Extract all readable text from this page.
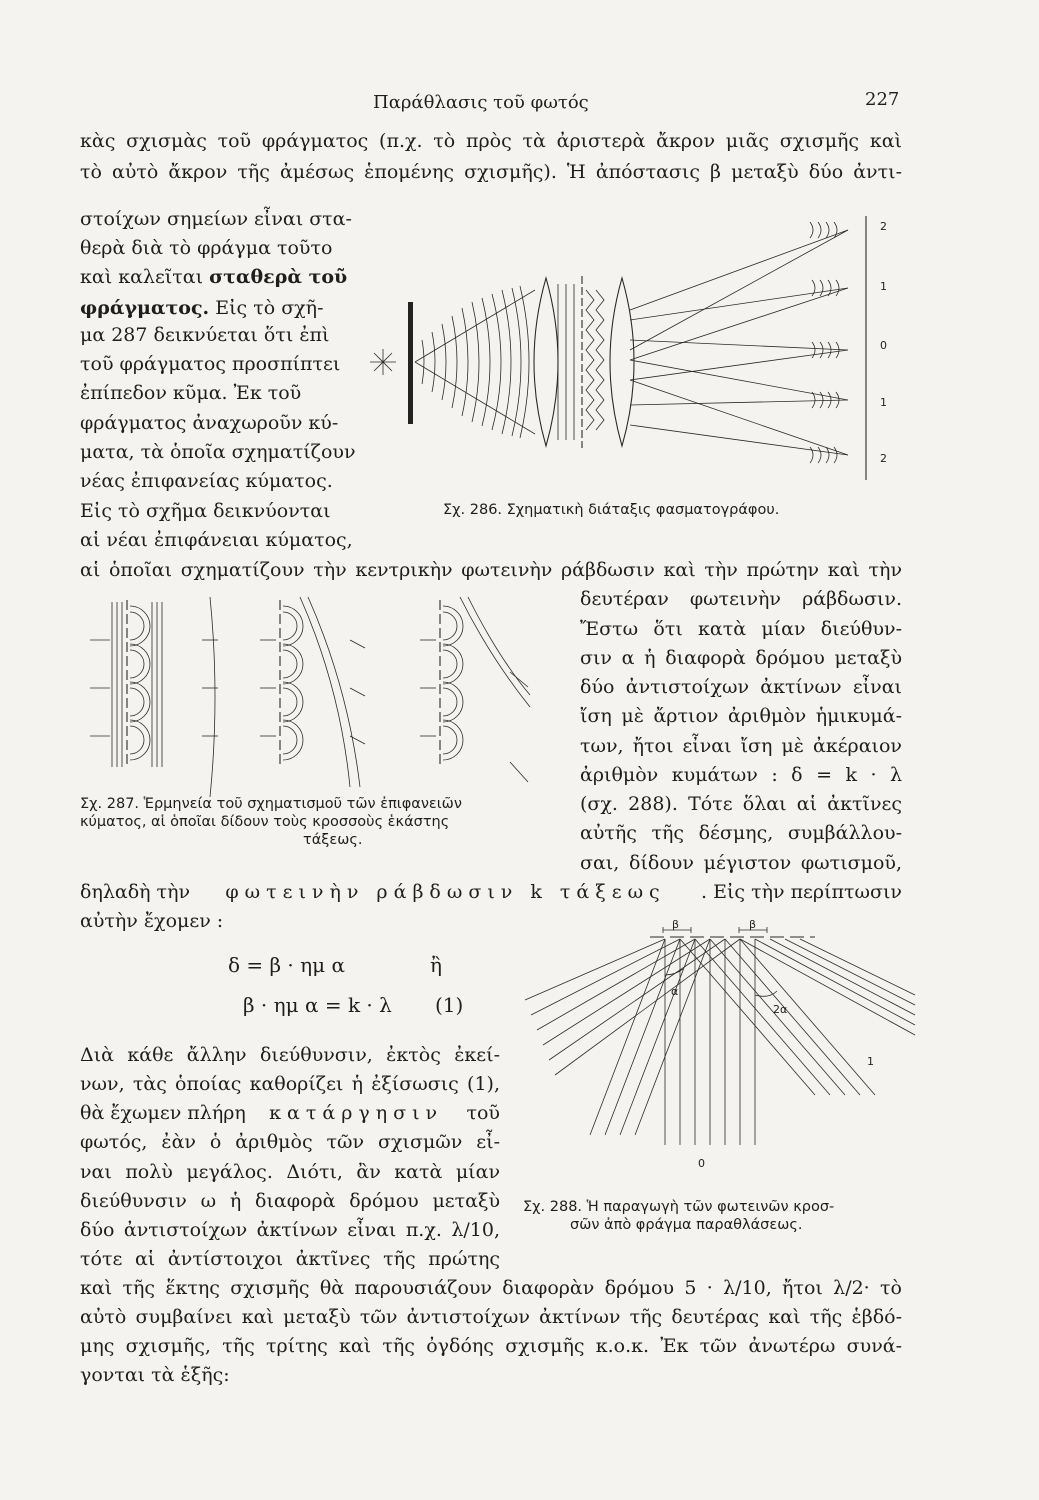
Παράθλασις τοῦ φωτός	227
κὰς σχισμὰς τοῦ φράγματος (π.χ. τὸ πρὸς τὰ ἀριστερὰ ἄκρον μιᾶς σχισμῆς καὶ
τὸ αὐτὸ ἄκρον τῆς ἀμέσως ἑπομένης σχισμῆς). Ἡ ἀπόστασις β μεταξὺ δύο ἀντι-
στοίχων σημείων εἶναι στα-
θερὰ διὰ τὸ φράγμα τοῦτο
καὶ καλεῖται σταθερὰ τοῦ
φράγματος. Εἰς τὸ σχῆ-
μα 287 δεικνύεται ὅτι ἐπὶ
τοῦ φράγματος προσπίπτει
ἐπίπεδον κῦμα. Ἐκ τοῦ
φράγματος ἀναχωροῦν κύ-
ματα, τὰ ὁποῖα σχηματίζουν
νέας ἐπιφανείας κύματος.
Εἰς τὸ σχῆμα δεικνύονται
αἱ νέαι ἐπιφάνειαι κύματος,
αἱ ὁποῖαι σχηματίζουν τὴν κεντρικὴν φωτεινὴν ράβδωσιν καὶ τὴν πρώτην καὶ τὴν
2
1
0
1
2
Σχ. 286. Σχηματικὴ διάταξις φασματογράφου.
Σχ. 287. Ἑρμηνεία τοῦ σχηματισμοῦ τῶν ἐπιφανειῶν
κύματος, αἱ ὁποῖαι δίδουν τοὺς κροσσοὺς ἑκάστης
τάξεως.
δευτέραν φωτεινὴν ράβδωσιν.
Ἔστω ὅτι κατὰ μίαν διεύθυν-
σιν α ἡ διαφορὰ δρόμου μεταξὺ
δύο ἀντιστοίχων ἀκτίνων εἶναι
ἴση μὲ ἄρτιον ἀριθμὸν ἡμικυμά-
των, ἤτοι εἶναι ἴση μὲ ἀκέραιον
ἀριθμὸν κυμάτων : δ = k · λ
(σχ. 288). Τότε ὅλαι αἱ ἀκτῖνες
αὐτῆς τῆς δέσμης, συμβάλλου-
σαι, δίδουν μέγιστον φωτισμοῦ,
δηλαδὴ τὴν φωτεινὴν ράβδωσιν k τάξεως . Εἰς τὴν περίπτωσιν
αὐτὴν ἔχομεν :
δ = β · ημ α	ἢ
β · ημ α = k · λ (1)
β	β
α
2α
0
1
Σχ. 288. Ἡ παραγωγὴ τῶν φωτεινῶν κροσ-
σῶν ἀπὸ φράγμα παραθλάσεως.
Διὰ κάθε ἄλλην διεύθυνσιν, ἐκτὸς ἐκεί-
νων, τὰς ὁποίας καθορίζει ἡ ἐξίσωσις (1),
θὰ ἔχωμεν πλήρη κατάργησιν τοῦ
φωτός, ἐὰν ὁ ἀριθμὸς τῶν σχισμῶν εἶ-
ναι πολὺ μεγάλος. Διότι, ἂν κατὰ μίαν
διεύθυνσιν ω ἡ διαφορὰ δρόμου μεταξὺ
δύο ἀντιστοίχων ἀκτίνων εἶναι π.χ. λ/10,
τότε αἱ ἀντίστοιχοι ἀκτῖνες τῆς πρώτης
καὶ τῆς ἕκτης σχισμῆς θὰ παρουσιάζουν διαφορὰν δρόμου 5 · λ/10, ἤτοι λ/2· τὸ
αὐτὸ συμβαίνει καὶ μεταξὺ τῶν ἀντιστοίχων ἀκτίνων τῆς δευτέρας καὶ τῆς ἑβδό-
μης σχισμῆς, τῆς τρίτης καὶ τῆς ὀγδόης σχισμῆς κ.ο.κ. Ἐκ τῶν ἀνωτέρω συνά-
γονται τὰ ἑξῆς:
